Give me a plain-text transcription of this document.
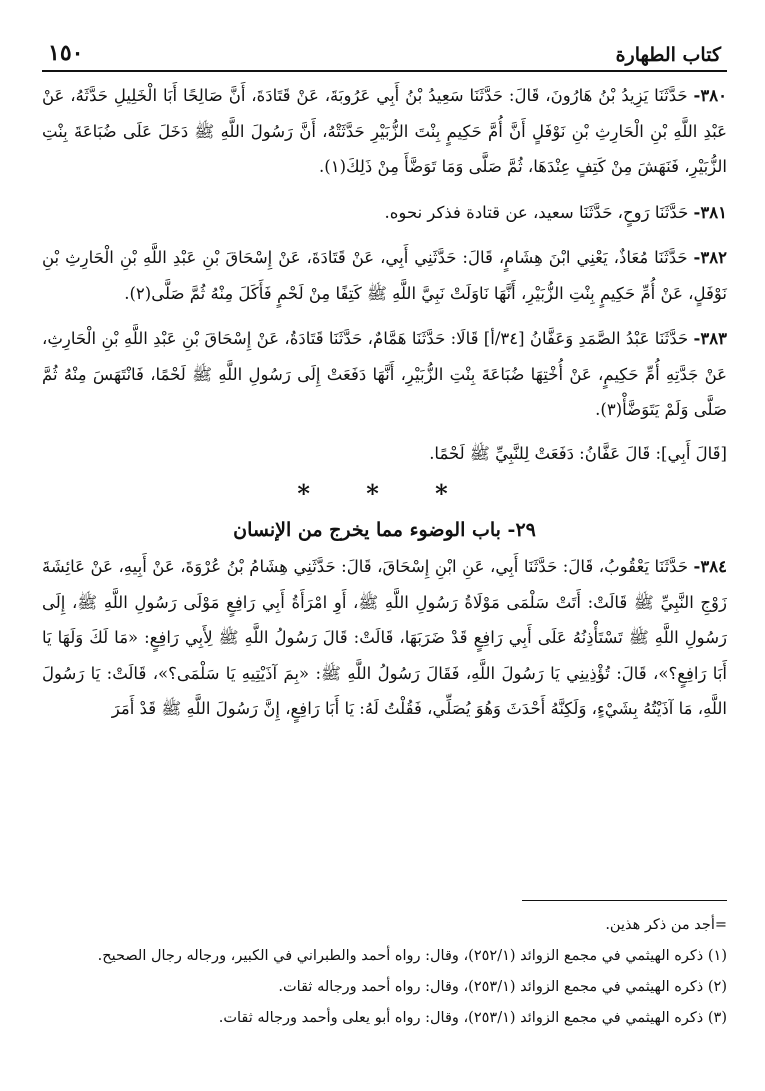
كتاب الطهارة
١٥٠

٣٨٠- حَدَّثَنَا يَزِيدُ بْنُ هَارُونَ، قَالَ: حَدَّثَنَا سَعِيدُ بْنُ أَبِي عَرُوبَةَ، عَنْ قَتَادَةَ، أَنَّ صَالِحًا أَبَا الْخَلِيلِ حَدَّثَهُ، عَنْ عَبْدِ اللَّهِ بْنِ الْحَارِثِ بْنِ نَوْفَلٍ أَنَّ أُمَّ حَكِيمٍ بِنْتَ الزُّبَيْرِ حَدَّثَتْهُ، أَنَّ رَسُولَ اللَّهِ ﷺ دَخَلَ عَلَى ضُبَاعَةَ بِنْتِ الزُّبَيْرِ، فَنَهَشَ مِنْ كَتِفٍ عِنْدَهَا، ثُمَّ صَلَّى وَمَا تَوَضَّأَ مِنْ ذَلِكَ(١).

٣٨١- حَدَّثَنَا رَوحٍ، حَدَّثَنَا سعيد، عن قتادة فذكر نحوه.

٣٨٢- حَدَّثَنَا مُعَاذٌ، يَعْنِي ابْنَ هِشَامٍ، قَالَ: حَدَّثَنِي أَبِي، عَنْ قَتَادَةَ، عَنْ إِسْحَاقَ بْنِ عَبْدِ اللَّهِ بْنِ الْحَارِثِ بْنِ نَوْفَلٍ، عَنْ أُمِّ حَكِيمٍ بِنْتِ الزُّبَيْرِ، أَنَّهَا نَاوَلَتْ نَبِيَّ اللَّهِ ﷺ كَتِفًا مِنْ لَحْمٍ فَأَكَلَ مِنْهُ ثُمَّ صَلَّى(٢).

٣٨٣- حَدَّثَنَا عَبْدُ الصَّمَدِ وَعَفَّانُ [٣٤/أ] قَالَا: حَدَّثَنَا هَمَّامٌ، حَدَّثَنَا قَتَادَةُ، عَنْ إِسْحَاقَ بْنِ عَبْدِ اللَّهِ بْنِ الْحَارِثِ، عَنْ جَدَّتِهِ أُمِّ حَكِيمٍ، عَنْ أُخْتِهَا ضُبَاعَةَ بِنْتِ الزُّبَيْرِ، أَنَّهَا دَفَعَتْ إِلَى رَسُولِ اللَّهِ ﷺ لَحْمًا، فَانْتَهَسَ مِنْهُ ثُمَّ صَلَّى وَلَمْ يَتَوَضَّأْ(٣).

[قَالَ أَبِي]: قَالَ عَفَّانُ: دَفَعَتْ لِلنَّبِيِّ ﷺ لَحْمًا.

* * *
٢٩- باب الوضوء مما يخرج من الإنسان

٣٨٤- حَدَّثَنَا يَعْقُوبُ، قَالَ: حَدَّثَنَا أَبِي، عَنِ ابْنِ إِسْحَاقَ، قَالَ: حَدَّثَنِي هِشَامُ بْنُ عُرْوَةَ، عَنْ أَبِيهِ، عَنْ عَائِشَةَ زَوْجِ النَّبِيِّ ﷺ قَالَتْ: أَتَتْ سَلْمَى مَوْلَاةُ رَسُولِ اللَّهِ ﷺ، أَوِ امْرَأَةُ أَبِي رَافِعٍ مَوْلَى رَسُولِ اللَّهِ ﷺ، إِلَى رَسُولِ اللَّهِ ﷺ تَسْتَأْذِنُهُ عَلَى أَبِي رَافِعٍ قَدْ ضَرَبَهَا، قَالَتْ: قَالَ رَسُولُ اللَّهِ ﷺ لِأَبِي رَافِعٍ: «مَا لَكَ وَلَهَا يَا أَبَا رَافِعٍ؟»، قَالَ: تُؤْذِينِي يَا رَسُولَ اللَّهِ، فَقَالَ رَسُولُ اللَّهِ ﷺ: «بِمَ آذَيْتِيهِ يَا سَلْمَى؟»، قَالَتْ: يَا رَسُولَ اللَّهِ، مَا آذَيْتُهُ بِشَيْءٍ، وَلَكِنَّهُ أَحْدَثَ وَهُوَ يُصَلِّي، فَقُلْتُ لَهُ: يَا أَبَا رَافِعٍ، إِنَّ رَسُولَ اللَّهِ ﷺ قَدْ أَمَرَ

=أجد من ذكر هذين.

(١) ذكره الهيثمي في مجمع الزوائد (٢٥٢/١)، وقال: رواه أحمد والطبراني في الكبير، ورجاله رجال الصحيح.

(٢) ذكره الهيثمي في مجمع الزوائد (٢٥٣/١)، وقال: رواه أحمد ورجاله ثقات.

(٣) ذكره الهيثمي في مجمع الزوائد (٢٥٣/١)، وقال: رواه أبو يعلى وأحمد ورجاله ثقات.
